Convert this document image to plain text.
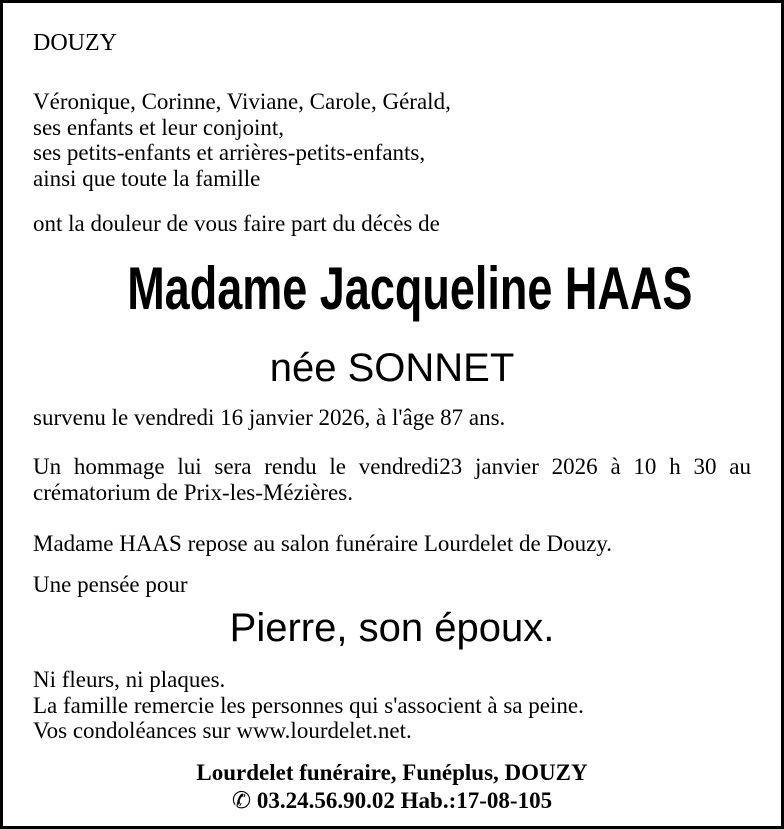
DOUZY
Véronique, Corinne, Viviane, Carole, Gérald,
ses enfants et leur conjoint,
ses petits-enfants et arrières-petits-enfants,
ainsi que toute la famille
ont la douleur de vous faire part du décès de
Madame Jacqueline HAAS
née SONNET
survenu le vendredi 16 janvier 2026, à l'âge 87 ans.
Un hommage lui sera rendu le vendredi23 janvier 2026 à 10 h 30 au crématorium de Prix-les-Mézières.
Madame HAAS repose au salon funéraire Lourdelet de Douzy.
Une pensée pour
Pierre, son époux.
Ni fleurs, ni plaques.
La famille remercie les personnes qui s'associent à sa peine.
Vos condoléances sur www.lourdelet.net.
Lourdelet funéraire, Funéplus, DOUZY
✆ 03.24.56.90.02 Hab.:17-08-105
